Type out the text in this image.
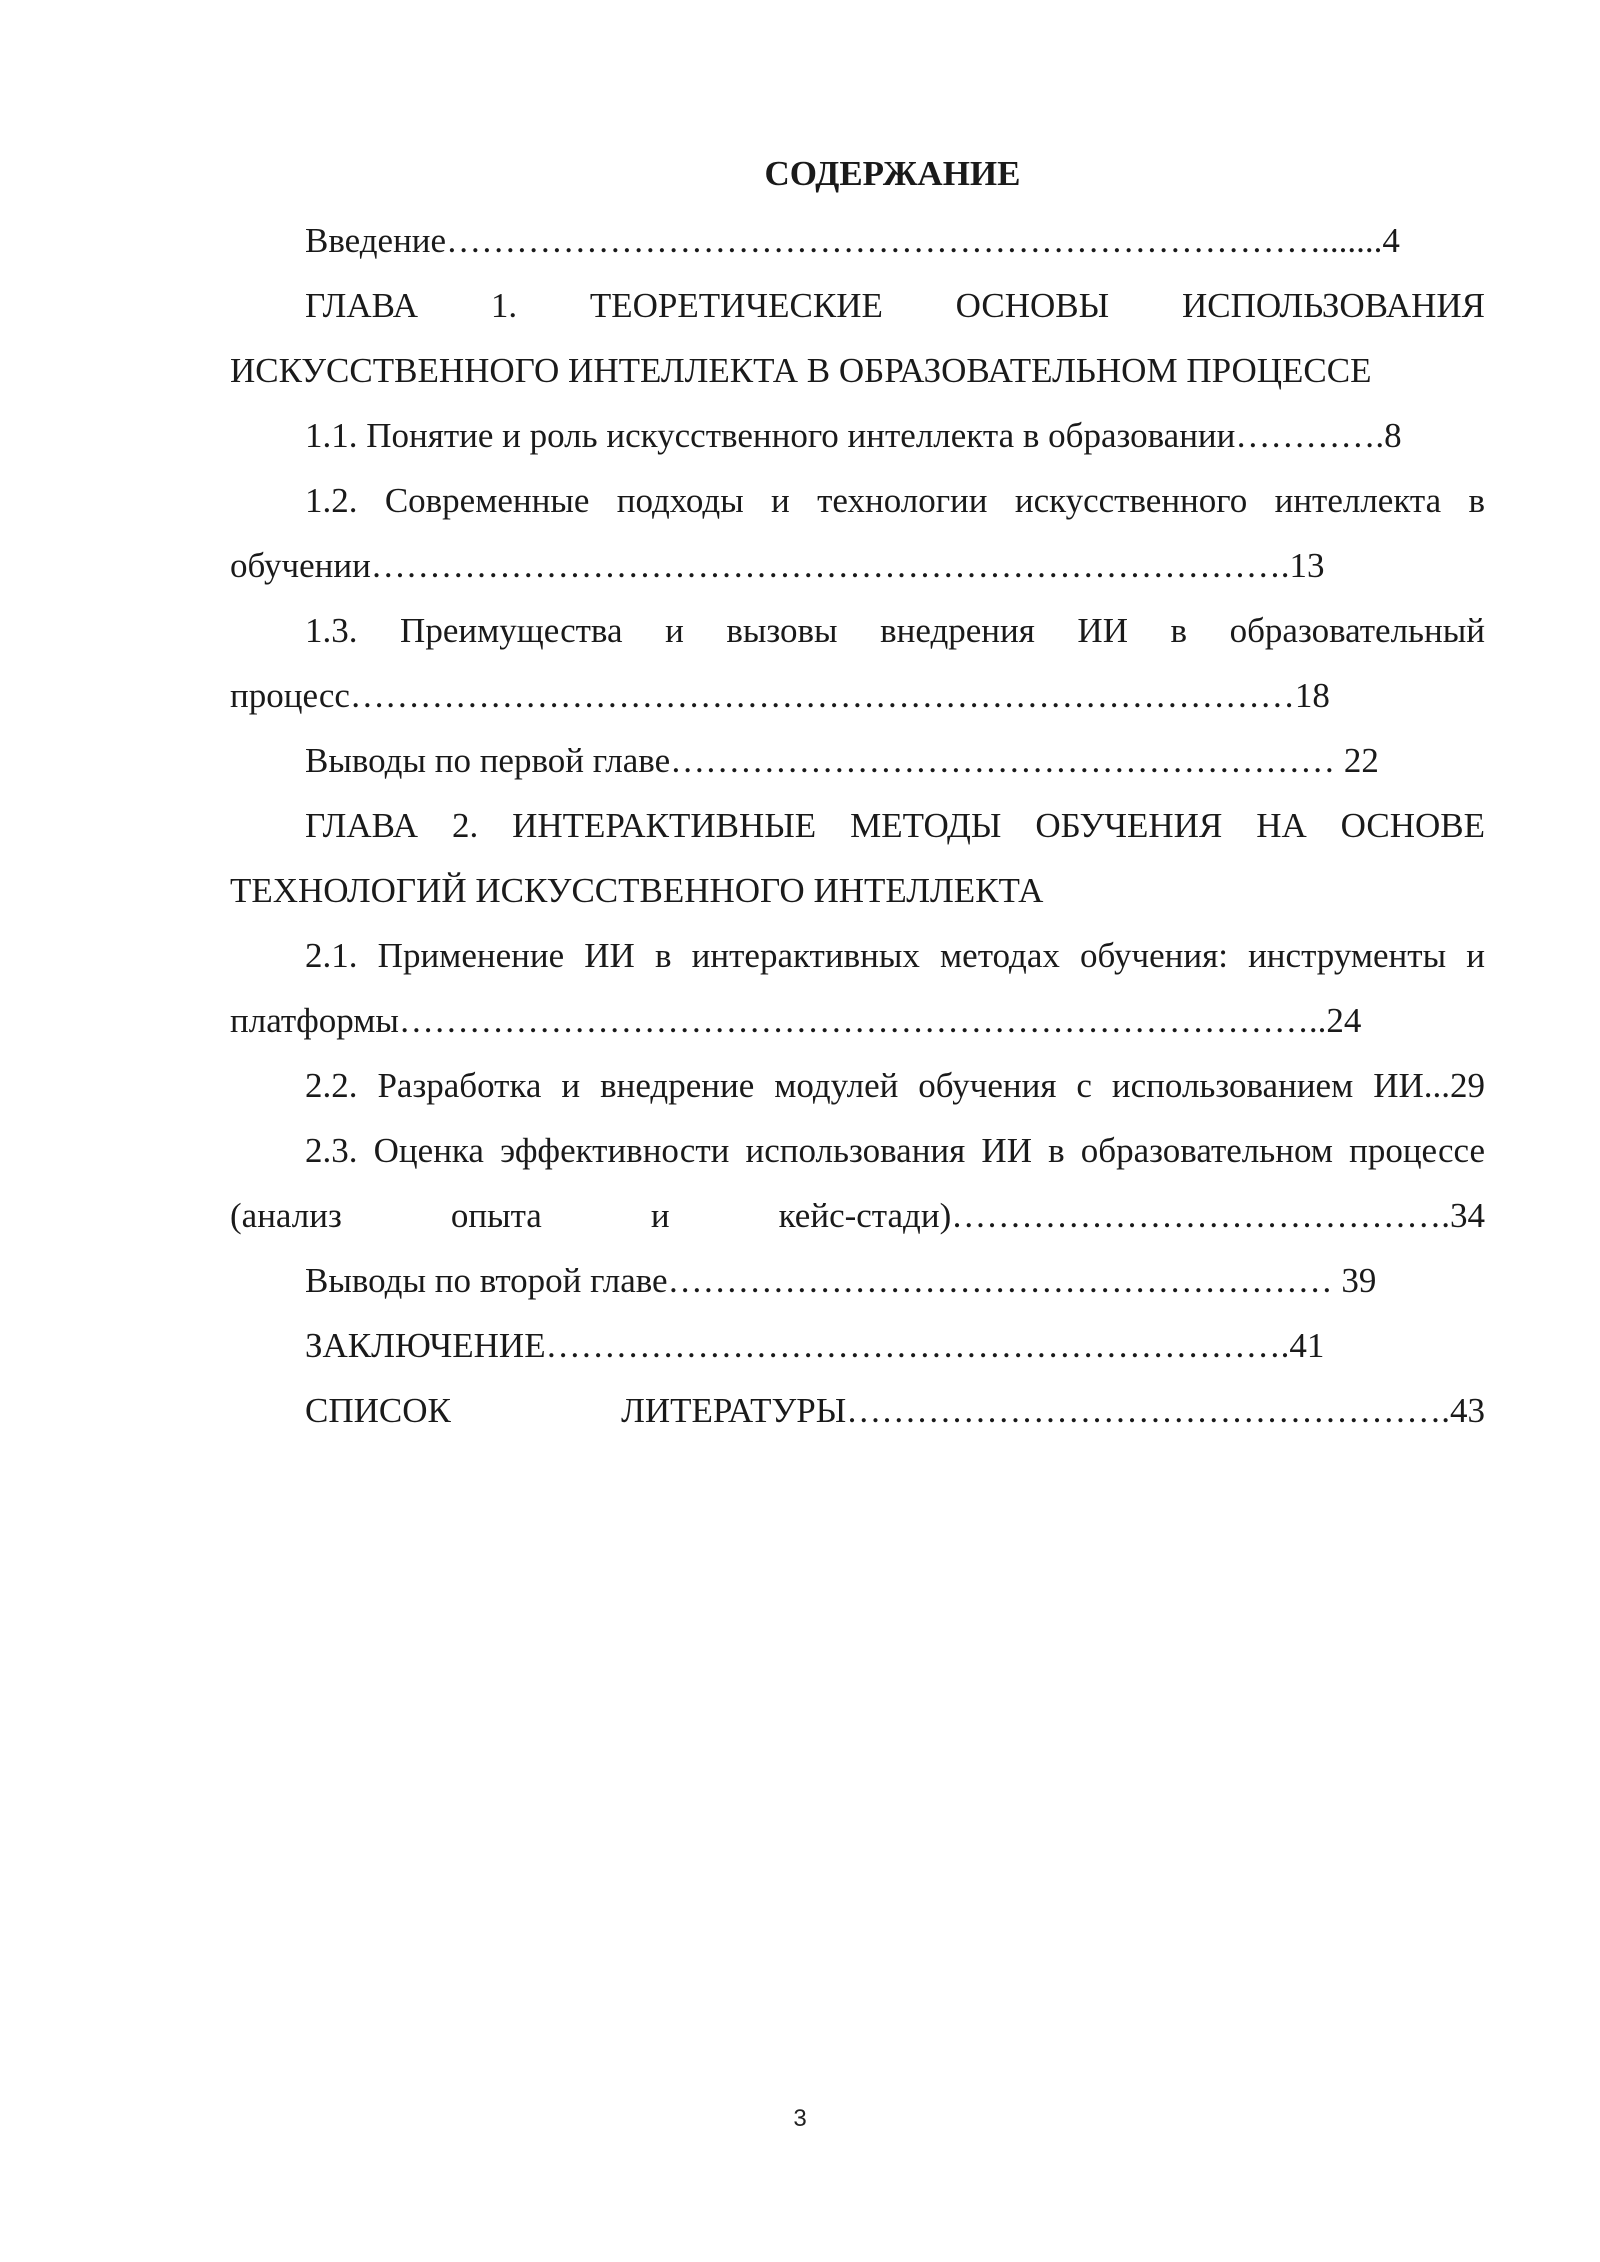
СОДЕРЖАНИЕ

Введение………………………………………………………………….......4

ГЛАВА 1. ТЕОРЕТИЧЕСКИЕ ОСНОВЫ ИСПОЛЬЗОВАНИЯ ИСКУССТВЕННОГО ИНТЕЛЛЕКТА В ОБРАЗОВАТЕЛЬНОМ ПРОЦЕССЕ

1.1. Понятие и роль искусственного интеллекта в образовании………….8

1.2. Современные подходы и технологии искусственного интеллекта в обучении…………………………………………………………………….13

1.3. Преимущества и вызовы внедрения ИИ в образовательный процесс………………………………………………………………………18

Выводы по первой главе………………………………………………… 22

ГЛАВА 2. ИНТЕРАКТИВНЫЕ МЕТОДЫ ОБУЧЕНИЯ НА ОСНОВЕ ТЕХНОЛОГИЙ ИСКУССТВЕННОГО ИНТЕЛЛЕКТА

2.1. Применение ИИ в интерактивных методах обучения: инструменты и платформы……………………………………………………………………..24

2.2. Разработка и внедрение модулей обучения с использованием ИИ...29

2.3. Оценка эффективности использования ИИ в образовательном процессе (анализ опыта и кейс-стади)…………………………………….34

Выводы по второй главе………………………………………………… 39

ЗАКЛЮЧЕНИЕ……………………………………………………….41

СПИСОК ЛИТЕРАТУРЫ…………………………………………….43

3
